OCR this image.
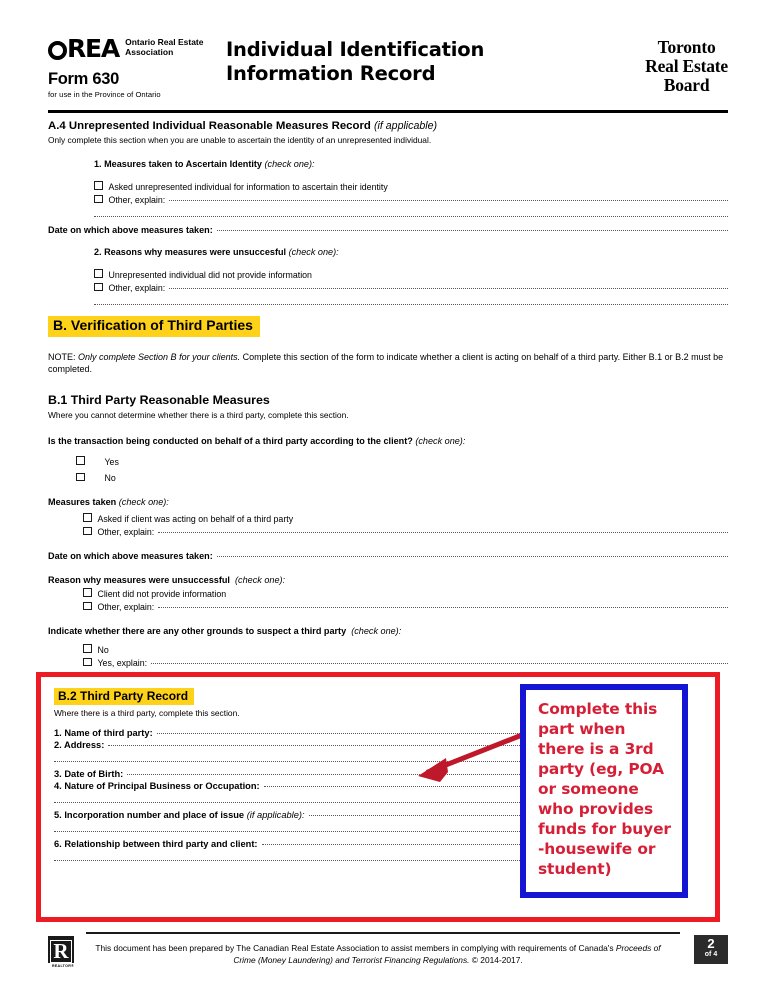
REA Ontario Real Estate
Association
Form 630
for use in the Province of Ontario
Individual Identification
Information Record
Toronto
Real Estate
Board
A.4 Unrepresented Individual Reasonable Measures Record (if applicable)
Only complete this section when you are unable to ascertain the identity of an unrepresented individual.
1. Measures taken to Ascertain Identity (check one):
Asked unrepresented individual for information to ascertain their identity
Other, explain:
Date on which above measures taken:
2. Reasons why measures were unsuccesful (check one):
Unrepresented individual did not provide information
Other, explain:
B. Verification of Third Parties
NOTE: Only complete Section B for your clients. Complete this section of the form to indicate whether a client is acting on behalf of a third party. Either B.1 or B.2 must be completed.
B.1 Third Party Reasonable Measures
Where you cannot determine whether there is a third party, complete this section.
Is the transaction being conducted on behalf of a third party according to the client? (check one):
Yes
No
Measures taken (check one):
Asked if client was acting on behalf of a third party
Other, explain:
Date on which above measures taken:
Reason why measures were unsuccessful (check one):
Client did not provide information
Other, explain:
Indicate whether there are any other grounds to suspect a third party (check one):
No
Yes, explain:
B.2 Third Party Record
Where there is a third party, complete this section.
1. Name of third party:
2. Address:
3. Date of Birth:
4. Nature of Principal Business or Occupation:
5. Incorporation number and place of issue
(if applicable):
6. Relationship between third party and client:
Complete this part when there is a 3rd party (eg, POA or someone who provides funds for buyer -housewife or student)
R
REALTOR®
This document has been prepared by The Canadian Real Estate Association to assist members in complying with requirements of Canada's Proceeds of Crime (Money Laundering) and Terrorist Financing Regulations. © 2014-2017.
2
of 4
